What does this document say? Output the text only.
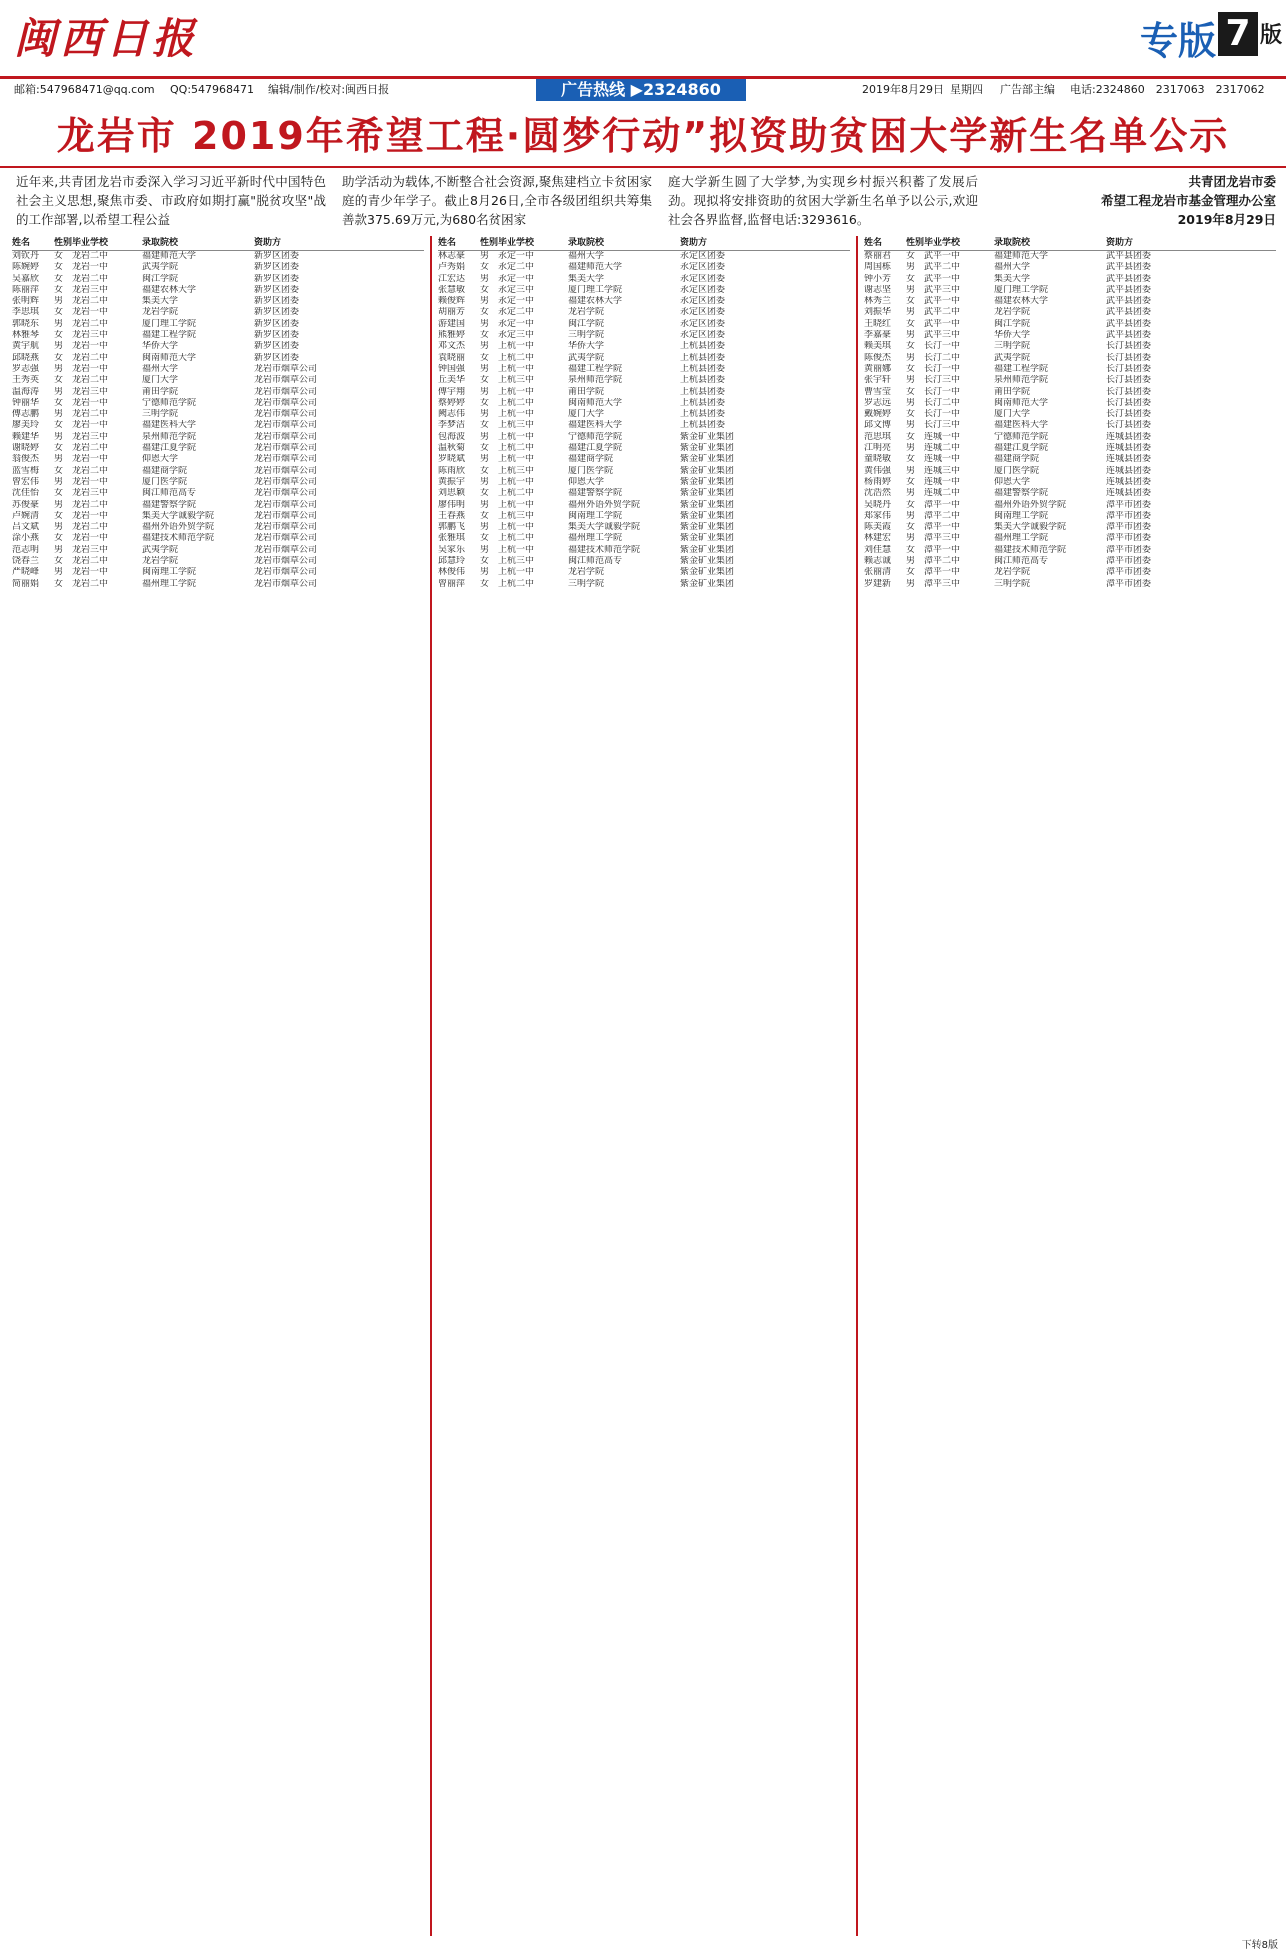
闽西日报	专版 7 版
邮箱:547968471@qq.com QQ:547968471 编辑/制作/校对:闽西日报	2019年8月29日 星期四 广告部主编 电话:2324860　2317063　2317062
广告热线 ▶2324860
龙岩市 2019年希望工程·圆梦行动”拟资助贫困大学新生名单公示
近年来,共青团龙岩市委深入学习习近平新时代中国特色社会主义思想,聚焦市委、市政府如期打赢"脱贫攻坚"战的工作部署,以希望工程公益
助学活动为载体,不断整合社会资源,聚焦建档立卡贫困家庭的青少年学子。截止8月26日,全市各级团组织共筹集善款375.69万元,为680名贫困家
庭大学新生圆了大学梦,为实现乡村振兴积蓄了发展后劲。现拟将安排资助的贫困大学新生名单予以公示,欢迎社会各界监督,监督电话:3293616。
共青团龙岩市委
希望工程龙岩市基金管理办公室
2019年8月29日
姓名	性别 毕业学校	录取院校	资助方
刘钦丹	女 龙岩二中	福建师范大学	新罗区团委
陈婉婷	女 龙岩一中	武夷学院	新罗区团委
吴嘉欣	女 龙岩二中	闽江学院	新罗区团委
陈丽萍	女 龙岩三中	福建农林大学	新罗区团委
张明辉	男 龙岩二中	集美大学	新罗区团委
李思琪	女 龙岩一中	龙岩学院	新罗区团委
郭晓东	男 龙岩二中	厦门理工学院	新罗区团委
林雅琴	女 龙岩三中	福建工程学院	新罗区团委
黄宇航	男 龙岩一中	华侨大学	新罗区团委
邱晓燕	女 龙岩二中	闽南师范大学	新罗区团委
罗志强	男 龙岩一中	福州大学	龙岩市烟草公司
王秀英	女 龙岩二中	厦门大学	龙岩市烟草公司
温海涛	男 龙岩三中	莆田学院	龙岩市烟草公司
钟丽华	女 龙岩一中	宁德师范学院	龙岩市烟草公司
傅志鹏	男 龙岩二中	三明学院	龙岩市烟草公司
廖美玲	女 龙岩一中	福建医科大学	龙岩市烟草公司
赖建华	男 龙岩三中	泉州师范学院	龙岩市烟草公司
谢晓婷	女 龙岩二中	福建江夏学院	龙岩市烟草公司
翁俊杰	男 龙岩一中	仰恩大学	龙岩市烟草公司
蓝雪梅	女 龙岩二中	福建商学院	龙岩市烟草公司
曾宏伟	男 龙岩一中	厦门医学院	龙岩市烟草公司
沈佳怡	女 龙岩三中	闽江师范高专	龙岩市烟草公司
苏俊豪	男 龙岩二中	福建警察学院	龙岩市烟草公司
卢婉清	女 龙岩一中	集美大学诚毅学院	龙岩市烟草公司
吕文斌	男 龙岩二中	福州外语外贸学院	龙岩市烟草公司
涂小燕	女 龙岩一中	福建技术师范学院	龙岩市烟草公司
范志明	男 龙岩三中	武夷学院	龙岩市烟草公司
饶春兰	女 龙岩二中	龙岩学院	龙岩市烟草公司
严晓峰	男 龙岩一中	闽南理工学院	龙岩市烟草公司
简丽娟	女 龙岩二中	福州理工学院	龙岩市烟草公司
姓名	性别 毕业学校	录取院校	资助方
林志豪	男 永定一中	福州大学	永定区团委
卢秀娟	女 永定二中	福建师范大学	永定区团委
江宏达	男 永定一中	集美大学	永定区团委
张慧敏	女 永定三中	厦门理工学院	永定区团委
赖俊辉	男 永定一中	福建农林大学	永定区团委
胡丽芳	女 永定二中	龙岩学院	永定区团委
游建国	男 永定一中	闽江学院	永定区团委
熊雅婷	女 永定三中	三明学院	永定区团委
邓文杰	男 上杭一中	华侨大学	上杭县团委
袁晓丽	女 上杭二中	武夷学院	上杭县团委
钟国强	男 上杭一中	福建工程学院	上杭县团委
丘美华	女 上杭三中	泉州师范学院	上杭县团委
傅宇翔	男 上杭一中	莆田学院	上杭县团委
蔡婷婷	女 上杭二中	闽南师范大学	上杭县团委
阙志伟	男 上杭一中	厦门大学	上杭县团委
李梦洁	女 上杭三中	福建医科大学	上杭县团委
包海波	男 上杭一中	宁德师范学院	紫金矿业集团
温秋菊	女 上杭二中	福建江夏学院	紫金矿业集团
罗晓斌	男 上杭一中	福建商学院	紫金矿业集团
陈雨欣	女 上杭三中	厦门医学院	紫金矿业集团
黄振宇	男 上杭一中	仰恩大学	紫金矿业集团
刘思颖	女 上杭二中	福建警察学院	紫金矿业集团
廖伟明	男 上杭一中	福州外语外贸学院	紫金矿业集团
王春燕	女 上杭三中	闽南理工学院	紫金矿业集团
郭鹏飞	男 上杭一中	集美大学诚毅学院	紫金矿业集团
张雅琪	女 上杭二中	福州理工学院	紫金矿业集团
吴家乐	男 上杭一中	福建技术师范学院	紫金矿业集团
邱慧玲	女 上杭三中	闽江师范高专	紫金矿业集团
林俊伟	男 上杭一中	龙岩学院	紫金矿业集团
曾丽萍	女 上杭二中	三明学院	紫金矿业集团
姓名	性别 毕业学校	录取院校	资助方
蔡丽君	女 武平一中	福建师范大学	武平县团委
周国栋	男 武平二中	福州大学	武平县团委
钟小芳	女 武平一中	集美大学	武平县团委
谢志坚	男 武平三中	厦门理工学院	武平县团委
林秀兰	女 武平一中	福建农林大学	武平县团委
刘振华	男 武平二中	龙岩学院	武平县团委
王晓红	女 武平一中	闽江学院	武平县团委
李嘉豪	男 武平三中	华侨大学	武平县团委
赖美琪	女 长汀一中	三明学院	长汀县团委
陈俊杰	男 长汀二中	武夷学院	长汀县团委
黄丽娜	女 长汀一中	福建工程学院	长汀县团委
张宇轩	男 长汀三中	泉州师范学院	长汀县团委
曹雪莹	女 长汀一中	莆田学院	长汀县团委
罗志远	男 长汀二中	闽南师范大学	长汀县团委
戴婉婷	女 长汀一中	厦门大学	长汀县团委
邱文博	男 长汀三中	福建医科大学	长汀县团委
范思琪	女 连城一中	宁德师范学院	连城县团委
江明亮	男 连城二中	福建江夏学院	连城县团委
童晓敏	女 连城一中	福建商学院	连城县团委
黄伟强	男 连城三中	厦门医学院	连城县团委
杨雨婷	女 连城一中	仰恩大学	连城县团委
沈浩然	男 连城二中	福建警察学院	连城县团委
吴晓丹	女 漳平一中	福州外语外贸学院	漳平市团委
郑家伟	男 漳平二中	闽南理工学院	漳平市团委
陈美霞	女 漳平一中	集美大学诚毅学院	漳平市团委
林建宏	男 漳平三中	福州理工学院	漳平市团委
刘佳慧	女 漳平一中	福建技术师范学院	漳平市团委
赖志诚	男 漳平二中	闽江师范高专	漳平市团委
张丽清	女 漳平一中	龙岩学院	漳平市团委
罗建新	男 漳平三中	三明学院	漳平市团委
下转8版
